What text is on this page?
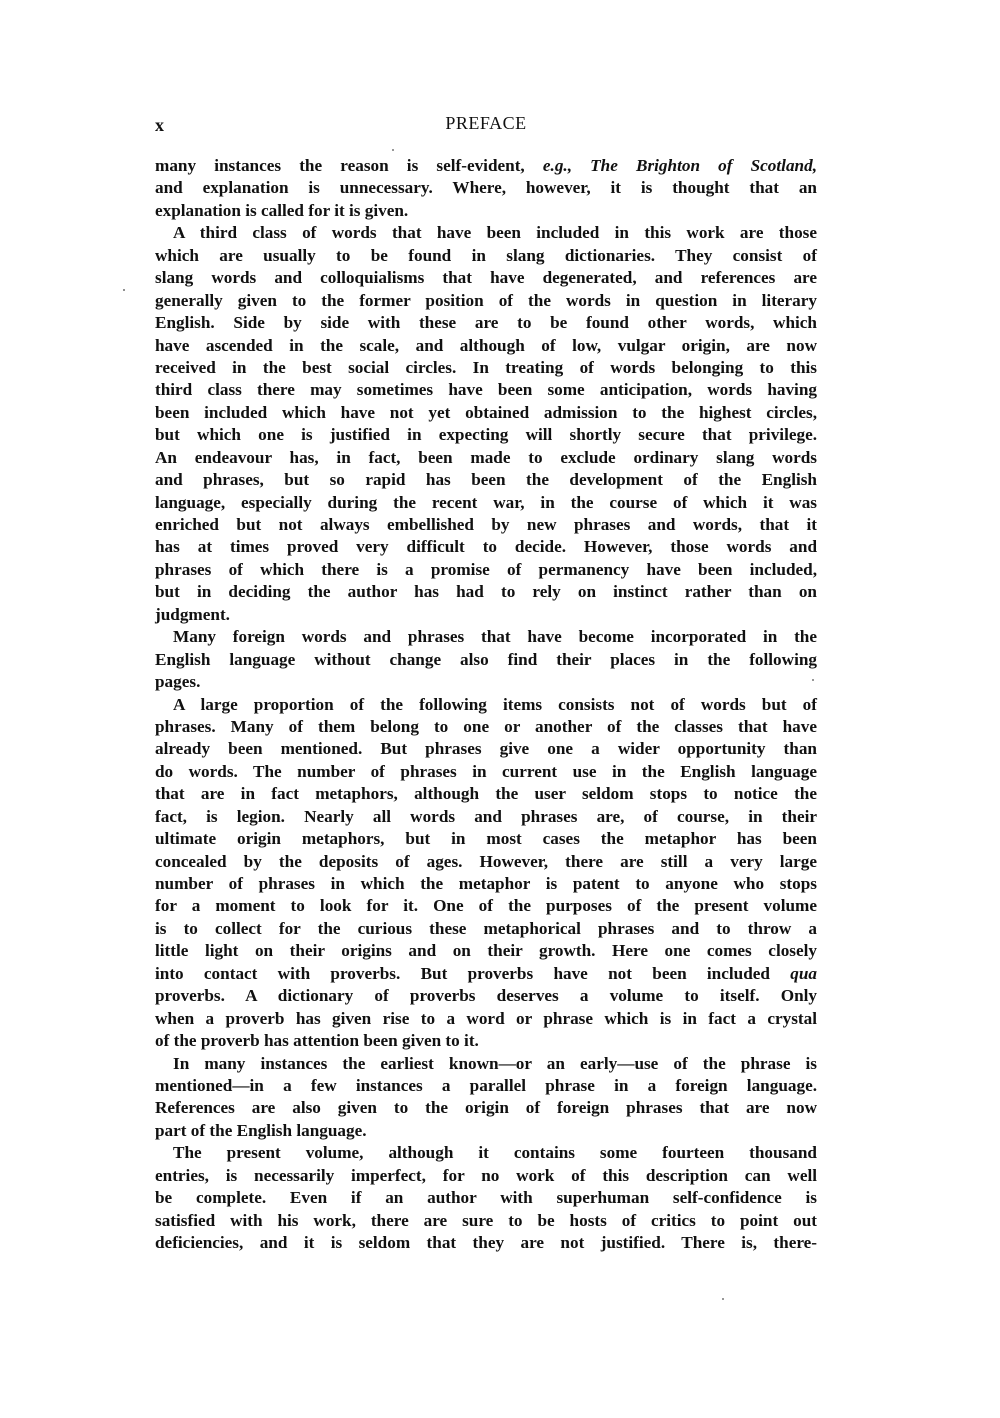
x	PREFACE
many instances the reason is self-evident, e.g., The Brighton of Scotland,
and explanation is unnecessary. Where, however, it is thought that an
explanation is called for it is given.
A third class of words that have been included in this work are those
which are usually to be found in slang dictionaries. They consist of
slang words and colloquialisms that have degenerated, and references are
generally given to the former position of the words in question in literary
English. Side by side with these are to be found other words, which
have ascended in the scale, and although of low, vulgar origin, are now
received in the best social circles. In treating of words belonging to this
third class there may sometimes have been some anticipation, words having
been included which have not yet obtained admission to the highest circles,
but which one is justified in expecting will shortly secure that privilege.
An endeavour has, in fact, been made to exclude ordinary slang words
and phrases, but so rapid has been the development of the English
language, especially during the recent war, in the course of which it was
enriched but not always embellished by new phrases and words, that it
has at times proved very difficult to decide. However, those words and
phrases of which there is a promise of permanency have been included,
but in deciding the author has had to rely on instinct rather than on
judgment.
Many foreign words and phrases that have become incorporated in the
English language without change also find their places in the following
pages.
A large proportion of the following items consists not of words but of
phrases. Many of them belong to one or another of the classes that have
already been mentioned. But phrases give one a wider opportunity than
do words. The number of phrases in current use in the English language
that are in fact metaphors, although the user seldom stops to notice the
fact, is legion. Nearly all words and phrases are, of course, in their
ultimate origin metaphors, but in most cases the metaphor has been
concealed by the deposits of ages. However, there are still a very large
number of phrases in which the metaphor is patent to anyone who stops
for a moment to look for it. One of the purposes of the present volume
is to collect for the curious these metaphorical phrases and to throw a
little light on their origins and on their growth. Here one comes closely
into contact with proverbs. But proverbs have not been included qua
proverbs. A dictionary of proverbs deserves a volume to itself. Only
when a proverb has given rise to a word or phrase which is in fact a crystal
of the proverb has attention been given to it.
In many instances the earliest known—or an early—use of the phrase is
mentioned—in a few instances a parallel phrase in a foreign language.
References are also given to the origin of foreign phrases that are now
part of the English language.
The present volume, although it contains some fourteen thousand
entries, is necessarily imperfect, for no work of this description can well
be complete. Even if an author with superhuman self-confidence is
satisfied with his work, there are sure to be hosts of critics to point out
deficiencies, and it is seldom that they are not justified. There is, there-
